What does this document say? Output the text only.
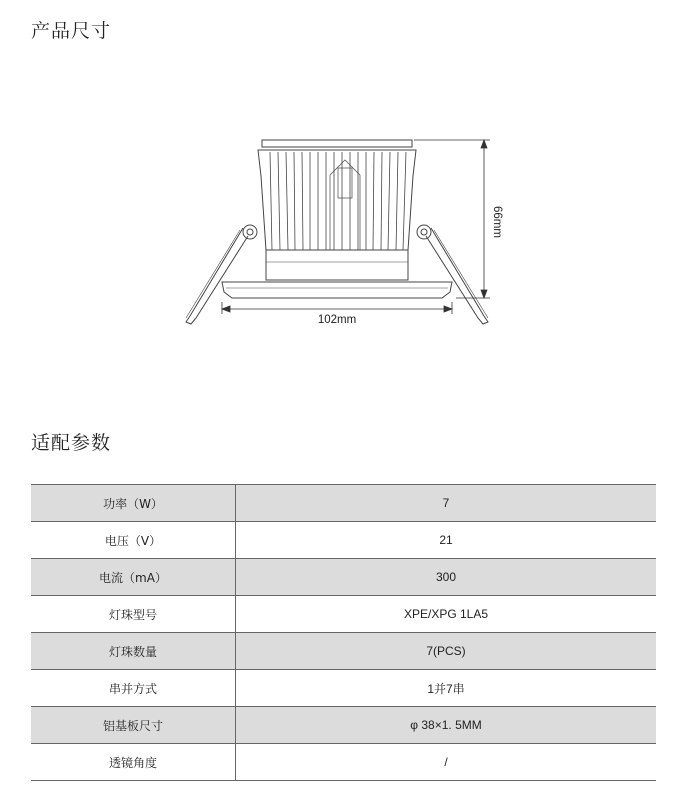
产品尺寸
102mm
66mm
适配参数
功率（W）	7
电压（V）	21
电流（mA）	300
灯珠型号	XPE/XPG 1LA5
灯珠数量	7(PCS)
串并方式	1并7串
铝基板尺寸	φ 38×1. 5MM
透镜角度	/
